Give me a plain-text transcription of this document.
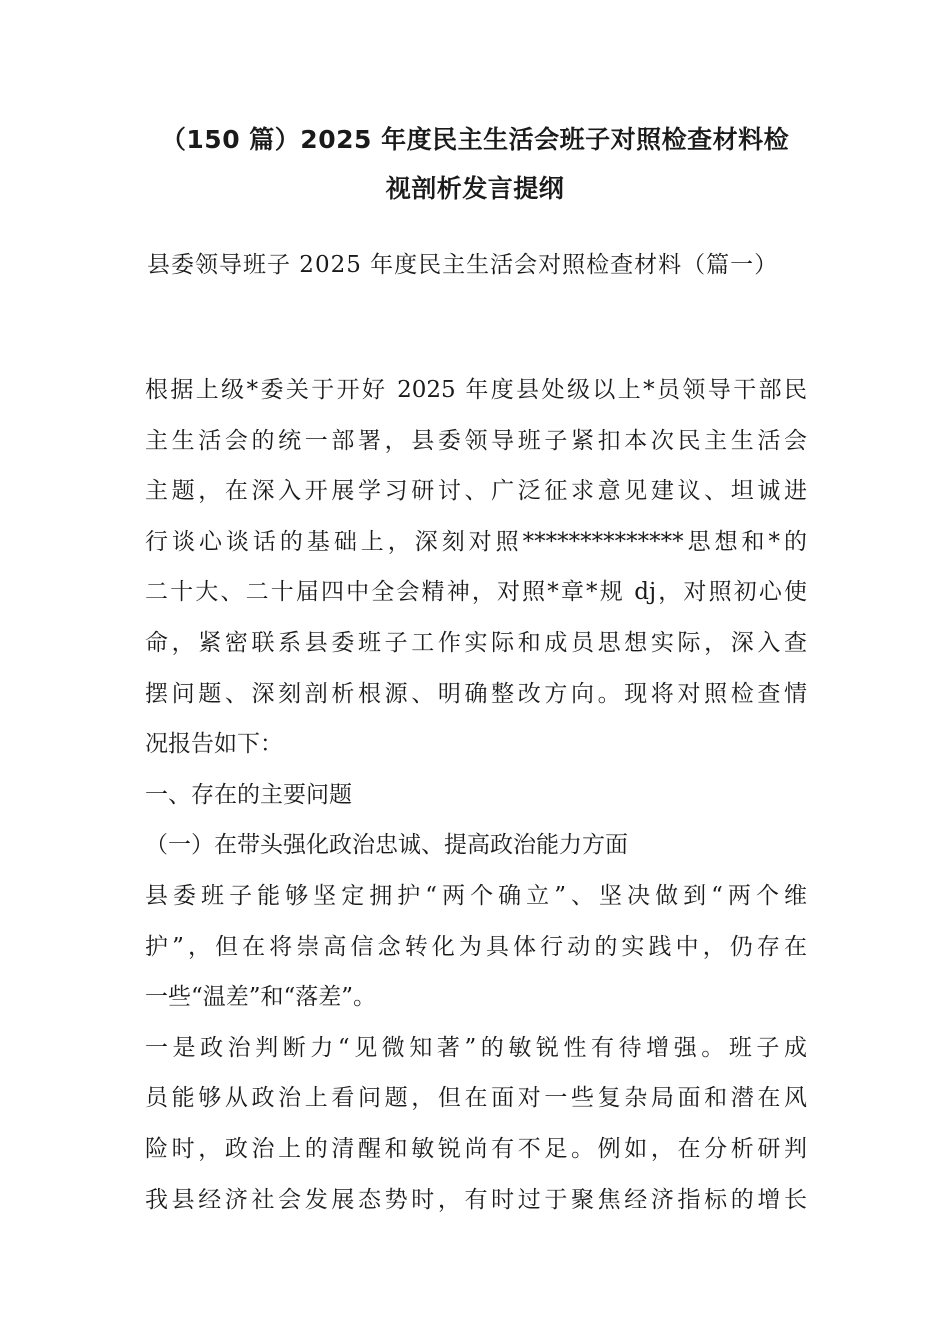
（150 篇）2025 年度民主生活会班子对照检查材料检
视剖析发言提纲

县委领导班子 2025 年度民主生活会对照检查材料（篇一）

根据上级*委关于开好 2025 年度县处级以上*员领导干部民
主生活会的统一部署，县委领导班子紧扣本次民主生活会
主题，在深入开展学习研讨、广泛征求意见建议、坦诚进
行谈心谈话的基础上，深刻对照**************思想和*的
二十大、二十届四中全会精神，对照*章*规 dj，对照初心使
命，紧密联系县委班子工作实际和成员思想实际，深入查
摆问题、深刻剖析根源、明确整改方向。现将对照检查情
况报告如下：
一、存在的主要问题
（一）在带头强化政治忠诚、提高政治能力方面
县委班子能够坚定拥护“两个确立”、坚决做到“两个维
护”，但在将崇高信念转化为具体行动的实践中，仍存在
一些“温差”和“落差”。
一是政治判断力“见微知著”的敏锐性有待增强。班子成
员能够从政治上看问题，但在面对一些复杂局面和潜在风
险时，政治上的清醒和敏锐尚有不足。例如，在分析研判
我县经济社会发展态势时，有时过于聚焦经济指标的增长
